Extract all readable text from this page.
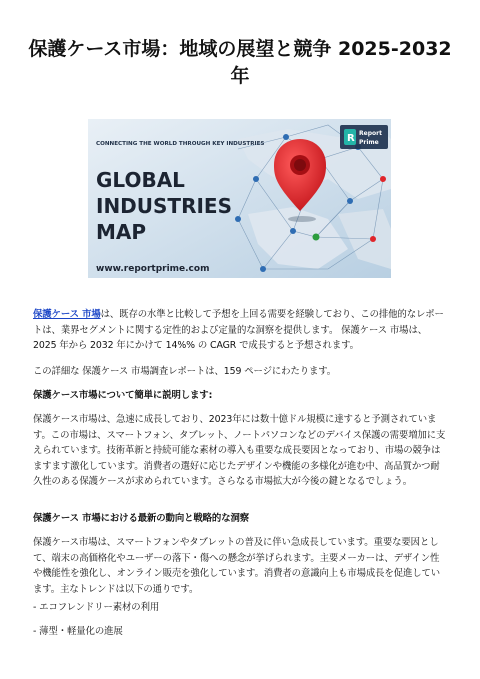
保護ケース市場：地域の展望と競争 2025-2032
年
CONNECTING THE WORLD THROUGH KEY INDUSTRIES
GLOBAL
INDUSTRIES
MAP
www.reportprime.com
R Report
Prime

保護ケース 市場は、既存の水準と比較して予想を上回る需要を経験しており、この排他的なレポートは、業界セグメントに関する定性的および定量的な洞察を提供します。 保護ケース 市場は、2025 年から 2032 年にかけて 14%% の CAGR で成長すると予想されます。

この詳細な 保護ケース 市場調査レポートは、159 ページにわたります。

保護ケース市場について簡単に説明します:

保護ケース市場は、急速に成長しており、2023年には数十億ドル規模に達すると予測されています。この市場は、スマートフォン、タブレット、ノートパソコンなどのデバイス保護の需要増加に支えられています。技術革新と持続可能な素材の導入も重要な成長要因となっており、市場の競争はますます激化しています。消費者の選好に応じたデザインや機能の多様化が進む中、高品質かつ耐久性のある保護ケースが求められています。さらなる市場拡大が今後の鍵となるでしょう。

保護ケース 市場における最新の動向と戦略的な洞察

保護ケース市場は、スマートフォンやタブレットの普及に伴い急成長しています。重要な要因として、端末の高価格化やユーザーの落下・傷への懸念が挙げられます。主要メーカーは、デザイン性や機能性を強化し、オンライン販売を強化しています。消費者の意識向上も市場成長を促進しています。主なトレンドは以下の通りです。

- エコフレンドリー素材の利用

- 薄型・軽量化の進展
